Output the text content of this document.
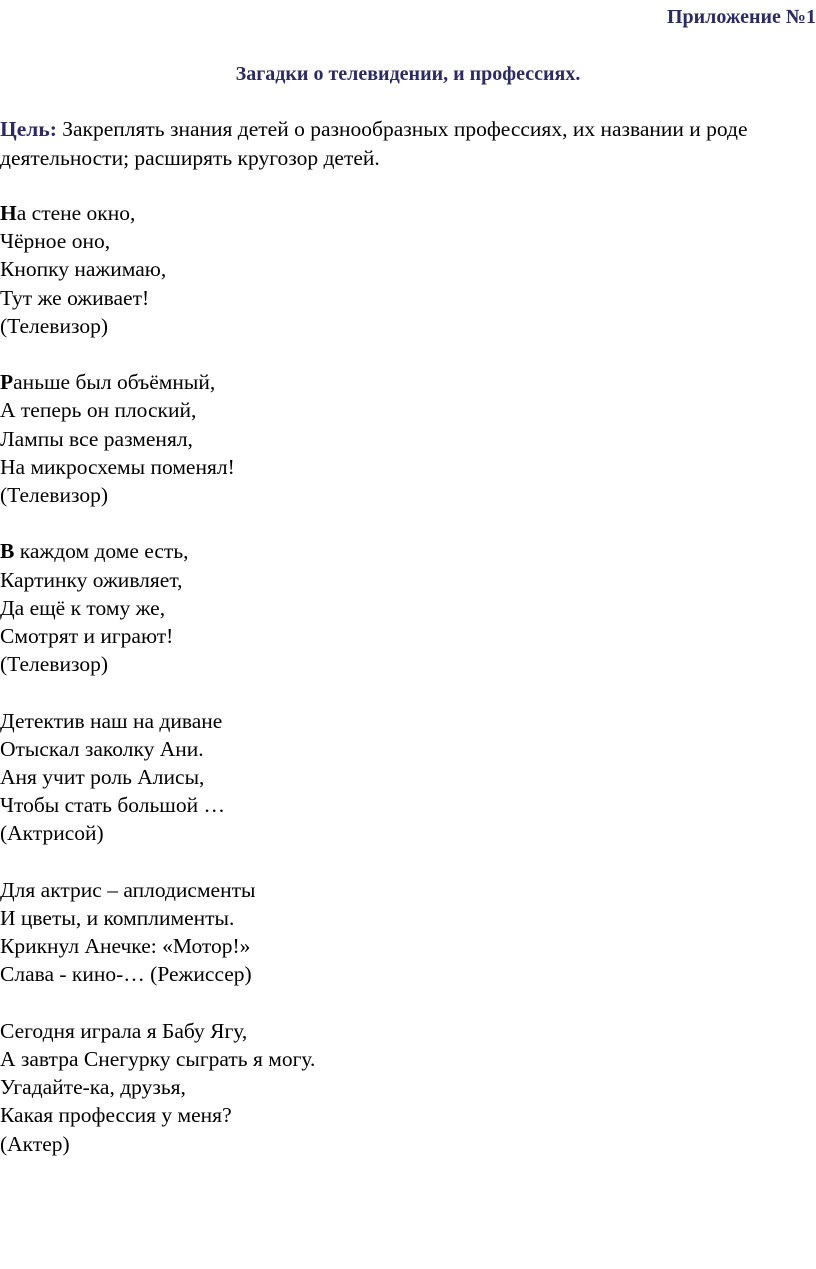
Приложение №1
Загадки о телевидении, и профессиях.
Цель: Закреплять знания детей о разнообразных профессиях, их названии и роде деятельности; расширять кругозор детей.
На стене окно,
Чёрное оно,
Кнопку нажимаю,
Тут же оживает!
(Телевизор)
Раньше был объёмный,
А теперь он плоский,
Лампы все разменял,
На микросхемы поменял!
(Телевизор)
В каждом доме есть,
Картинку оживляет,
Да ещё к тому же,
Смотрят и играют!
(Телевизор)
Детектив наш на диване
Отыскал заколку Ани.
Аня учит роль Алисы,
Чтобы стать большой …
(Актрисой)
Для актрис – аплодисменты
И цветы, и комплименты.
Крикнул Анечке: «Мотор!»
Слава - кино-… (Режиссер)
Сегодня играла я Бабу Ягу,
А завтра Снегурку сыграть я могу.
Угадайте-ка, друзья,
Какая профессия у меня?
(Актер)
